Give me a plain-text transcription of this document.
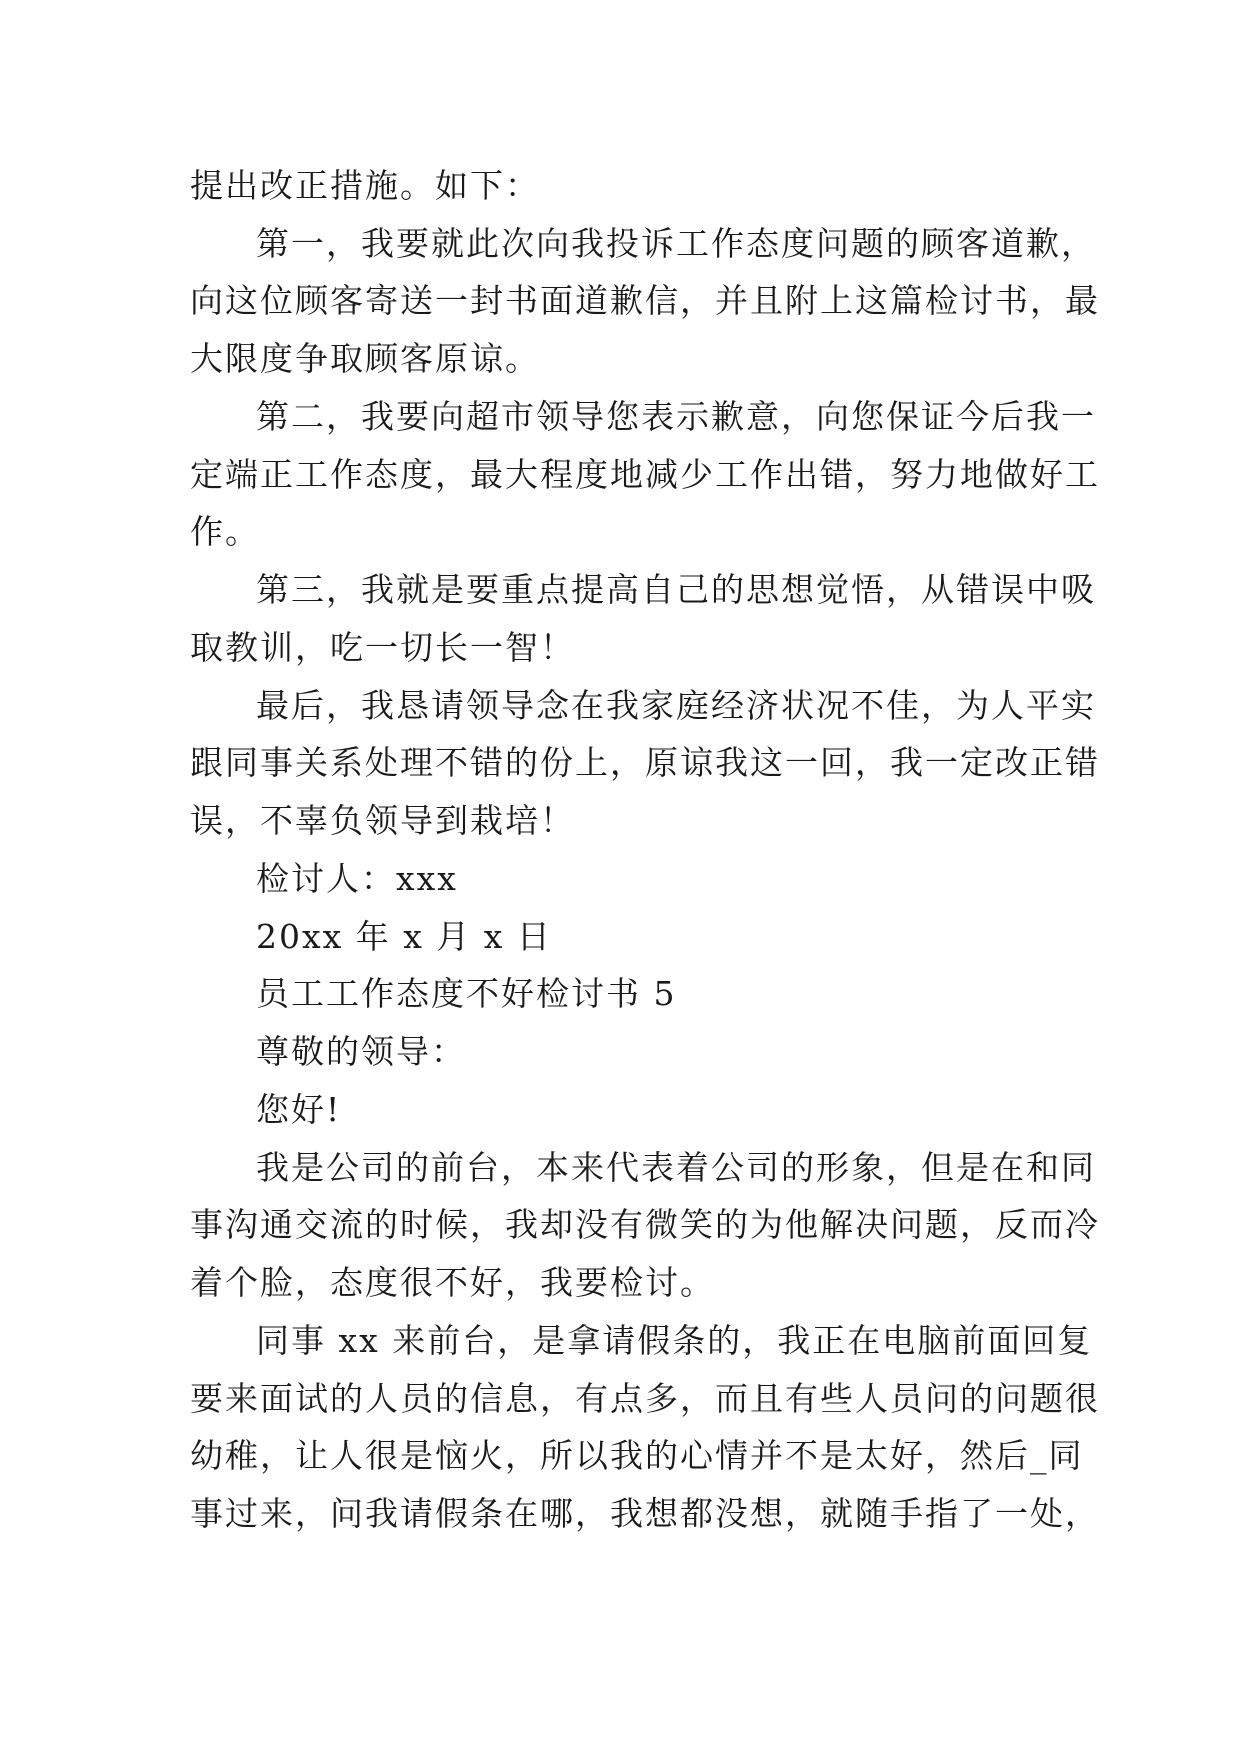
提出改正措施。如下：
第一，我要就此次向我投诉工作态度问题的顾客道歉，
向这位顾客寄送一封书面道歉信，并且附上这篇检讨书，最
大限度争取顾客原谅。
第二，我要向超市领导您表示歉意，向您保证今后我一
定端正工作态度，最大程度地减少工作出错，努力地做好工
作。
第三，我就是要重点提高自己的思想觉悟，从错误中吸
取教训，吃一切长一智！
最后，我恳请领导念在我家庭经济状况不佳，为人平实
跟同事关系处理不错的份上，原谅我这一回，我一定改正错
误，不辜负领导到栽培！
检讨人：xxx
20xx 年 x 月 x 日
员工工作态度不好检讨书 5
尊敬的领导：
您好!
我是公司的前台，本来代表着公司的形象，但是在和同
事沟通交流的时候，我却没有微笑的为他解决问题，反而冷
着个脸，态度很不好，我要检讨。
同事 xx 来前台，是拿请假条的，我正在电脑前面回复
要来面试的人员的信息，有点多，而且有些人员问的问题很
幼稚，让人很是恼火，所以我的心情并不是太好，然后_同
事过来，问我请假条在哪，我想都没想，就随手指了一处，
